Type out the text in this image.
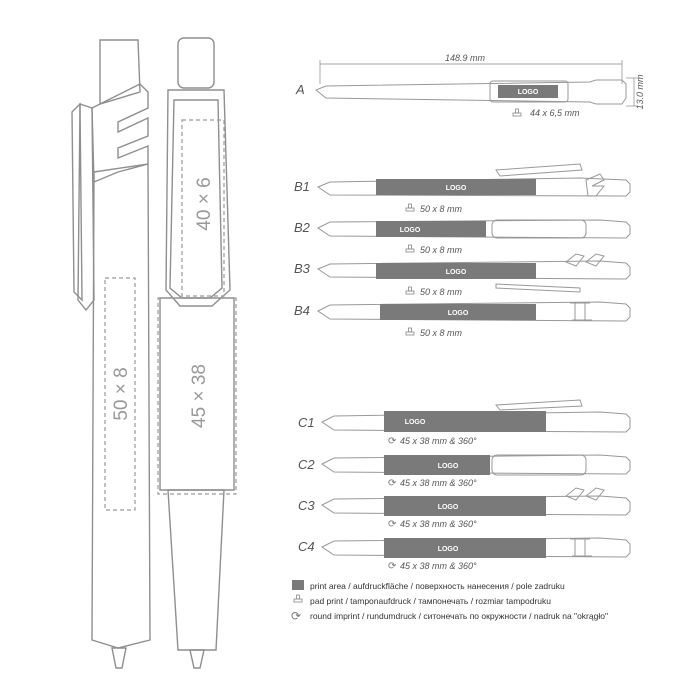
50 × 8
40 × 6
45 × 38
A
148.9 mm
LOGO	13.0 mm
44 x 6,5 mm
B1	LOGO
50 x 8 mm
B2	LOGO
50 x 8 mm
B3	LOGO
50 x 8 mm
B4	LOGO
50 x 8 mm
C1	LOGO
⟳ 45 x 38 mm & 360°
C2	LOGO
⟳ 45 x 38 mm & 360°
C3	LOGO
⟳ 45 x 38 mm & 360°
C4	LOGO
⟳ 45 x 38 mm & 360°
print area / aufdruckfläche / поверхность нанесения / pole zadruku
pad print / tamponaufdruck / тампонечать / rozmiar tampodruku
⟳ round imprint / rundumdruck / ситонечать по окружности / nadruk na "okrągło"
